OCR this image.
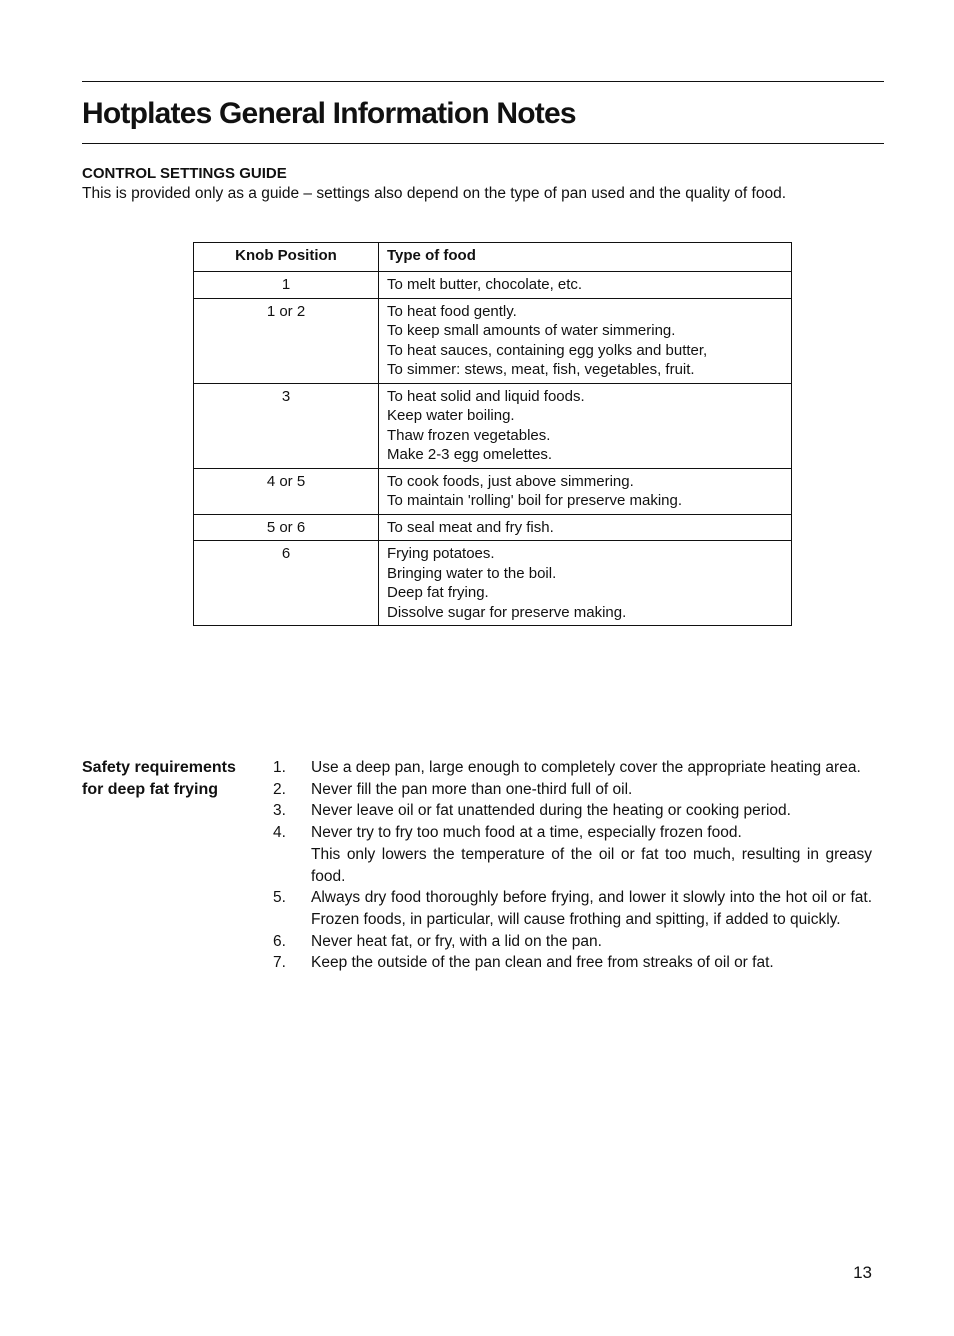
Hotplates General Information Notes
CONTROL SETTINGS GUIDE
This is provided only as a guide – settings also depend on the type of pan used and the quality of food.
Knob Position	Type of food
1	To melt butter, chocolate, etc.

1 or 2	To heat food gently.
To keep small amounts of water simmering.
To heat sauces, containing egg yolks and butter,
To simmer: stews, meat, fish, vegetables, fruit.

3	To heat solid and liquid foods.
Keep water boiling.
Thaw frozen vegetables.
Make 2-3 egg omelettes.

4 or 5	To cook foods, just above simmering.
To maintain 'rolling' boil for preserve making.

5 or 6	To seal meat and fry fish.

6	Frying potatoes.
Bringing water to the boil.
Deep fat frying.
Dissolve sugar for preserve making.
Safety requirements for deep fat frying
1. Use a deep pan, large enough to completely cover the appropriate heating area.
2. Never fill the pan more than one-third full of oil.
3. Never leave oil or fat unattended during the heating or cooking period.
4. Never try to fry too much food at a time, especially frozen food.
This only lowers the temperature of the oil or fat too much, resulting in greasy food.
5. Always dry food thoroughly before frying, and lower it slowly into the hot oil or fat. Frozen foods, in particular, will cause frothing and spitting, if added to quickly.
6. Never heat fat, or fry, with a lid on the pan.
7. Keep the outside of the pan clean and free from streaks of oil or fat.
13
